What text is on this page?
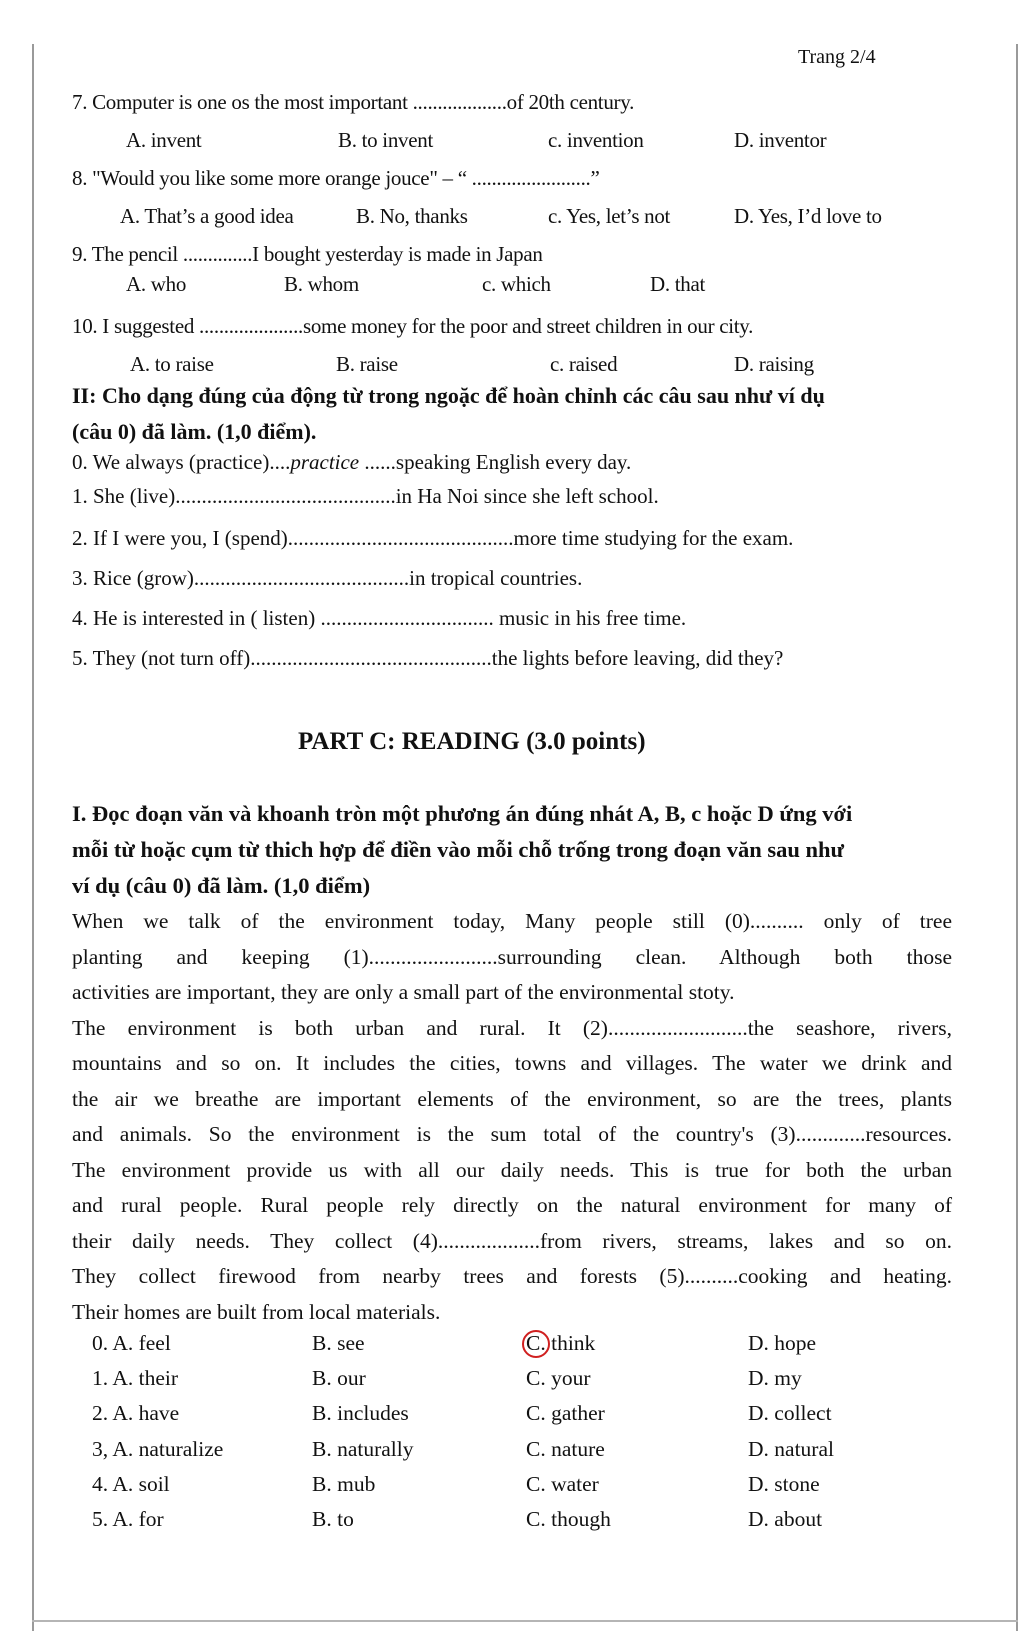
Trang 2/4
7. Computer is one os the most important ...................of 20th century.
A. invent	B. to invent	c. invention	D. inventor
8. "Would you like some more orange jouce" – “ ........................”
A. That’s a good idea	B. No, thanks	c. Yes, let’s not	D. Yes, I’d love to
9. The pencil ..............I bought yesterday is made in Japan
A. who	B. whom	c. which	D. that
10. I suggested .....................some money for the poor and street children in our city.
A. to raise	B. raise	c. raised	D. raising
II: Cho dạng đúng của động từ trong ngoặc để hoàn chỉnh các câu sau như ví dụ
(câu 0) đã làm. (1,0 điểm).
0. We always (practice)....practice ......speaking English every day.
1. She (live)..........................................in Ha Noi since she left school.
2. If I were you, I (spend)...........................................more time studying for the exam.
3. Rice (grow).........................................in tropical countries.
4. He is interested in ( listen) ................................. music in his free time.
5. They (not turn off)..............................................the lights before leaving, did they?
PART C: READING (3.0 points)
I. Đọc đoạn văn và khoanh tròn một phương án đúng nhát A, B, c hoặc D ứng với
mỗi từ hoặc cụm từ thich hợp để điền vào mỗi chỗ trống trong đoạn văn sau như
ví dụ (câu 0) đã làm. (1,0 điểm)
When we talk of the environment today, Many people still (0).......... only of tree
planting and keeping (1)........................surrounding clean. Although both those
activities are important, they are only a small part of the environmental stoty.
The environment is both urban and rural. It (2)..........................the seashore, rivers,
mountains and so on. It includes the cities, towns and villages. The water we drink and
the air we breathe are important elements of the environment, so are the trees, plants
and animals. So the environment is the sum total of the country's (3).............resources.
The environment provide us with all our daily needs. This is true for both the urban
and rural people. Rural people rely directly on the natural environment for many of
their daily needs. They collect (4)...................from rivers, streams, lakes and so on.
They collect firewood from nearby trees and forests (5)..........cooking and heating.
Their homes are built from local materials.
0. A. feel	B. see	C. think	D. hope
1. A. their	B. our	C. your	D. my
2. A. have	B. includes	C. gather	D. collect
3, A. naturalize	B. naturally	C. nature	D. natural
4. A. soil	B. mub	C. water	D. stone
5. A. for	B. to	C. though	D. about
